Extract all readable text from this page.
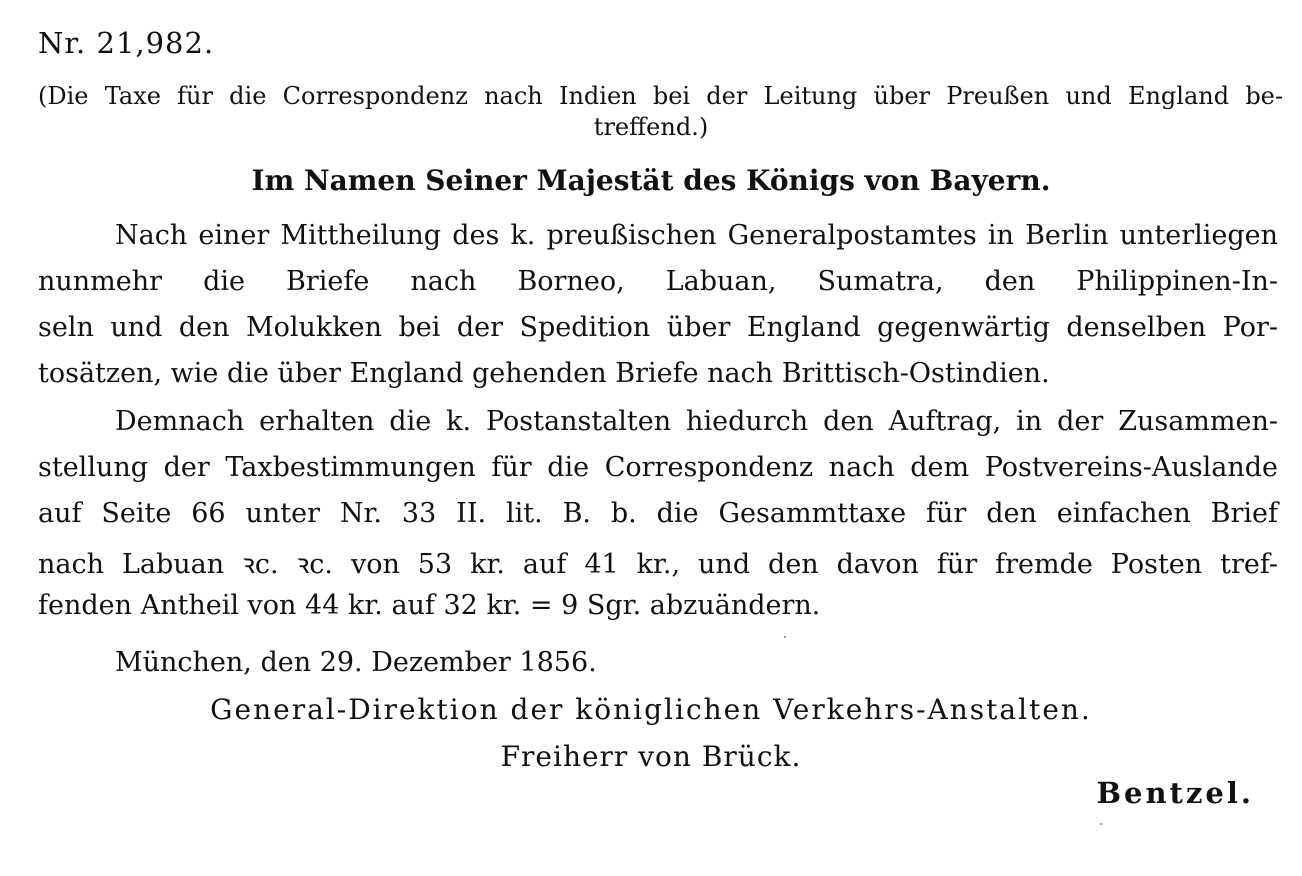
Nr. 21,982.

(Die Taxe für die Correspondenz nach Indien bei der Leitung über Preußen und England be-

treffend.)

Im Namen Seiner Majestät des Königs von Bayern.

Nach einer Mittheilung des k. preußischen Generalpostamtes in Berlin unterliegen

nunmehr die Briefe nach Borneo, Labuan, Sumatra, den Philippinen-In-

seln und den Molukken bei der Spedition über England gegenwärtig denselben Por-

tosätzen, wie die über England gehenden Briefe nach Brittisch-Ostindien.

Demnach erhalten die k. Postanstalten hiedurch den Auftrag, in der Zusammen-

stellung der Taxbestimmungen für die Correspondenz nach dem Postvereins-Auslande

auf Seite 66 unter Nr. 33 II. lit. B. b. die Gesammttaxe für den einfachen Brief

nach Labuan ꝛc. ꝛc. von 53 kr. auf 41 kr., und den davon für fremde Posten tref-

fenden Antheil von 44 kr. auf 32 kr. = 9 Sgr. abzuändern.

München, den 29. Dezember 1856.

General-Direktion der königlichen Verkehrs-Anstalten.

Freiherr von Brück.

Bentzel.
